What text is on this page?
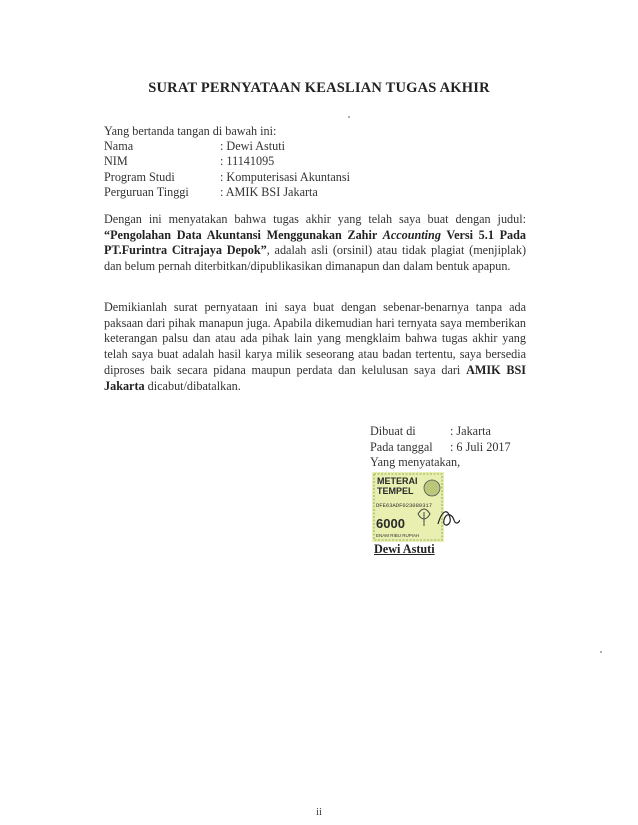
SURAT PERNYATAAN KEASLIAN TUGAS AKHIR
Yang bertanda tangan di bawah ini:
Nama	: Dewi Astuti
NIM	: 11141095
Program Studi	: Komputerisasi Akuntansi
Perguruan Tinggi	: AMIK BSI Jakarta
Dengan ini menyatakan bahwa tugas akhir yang telah saya buat dengan judul: “Pengolahan Data Akuntansi Menggunakan Zahir Accounting Versi 5.1 Pada PT.Furintra Citrajaya Depok”, adalah asli (orsinil) atau tidak plagiat (menjiplak) dan belum pernah diterbitkan/dipublikasikan dimanapun dan dalam bentuk apapun.
Demikianlah surat pernyataan ini saya buat dengan sebenar-benarnya tanpa ada paksaan dari pihak manapun juga. Apabila dikemudian hari ternyata saya memberikan keterangan palsu dan atau ada pihak lain yang mengklaim bahwa tugas akhir yang telah saya buat adalah hasil karya milik seseorang atau badan tertentu, saya bersedia diproses baik secara pidana maupun perdata dan kelulusan saya dari AMIK BSI Jakarta dicabut/dibatalkan.
Dibuat di	: Jakarta
Pada tanggal	: 6 Juli 2017
Yang menyatakan,
METERAI
TEMPEL
DFE63ADF023080317
6000
ENAM RIBU RUPIAH
Dewi Astuti
ii
